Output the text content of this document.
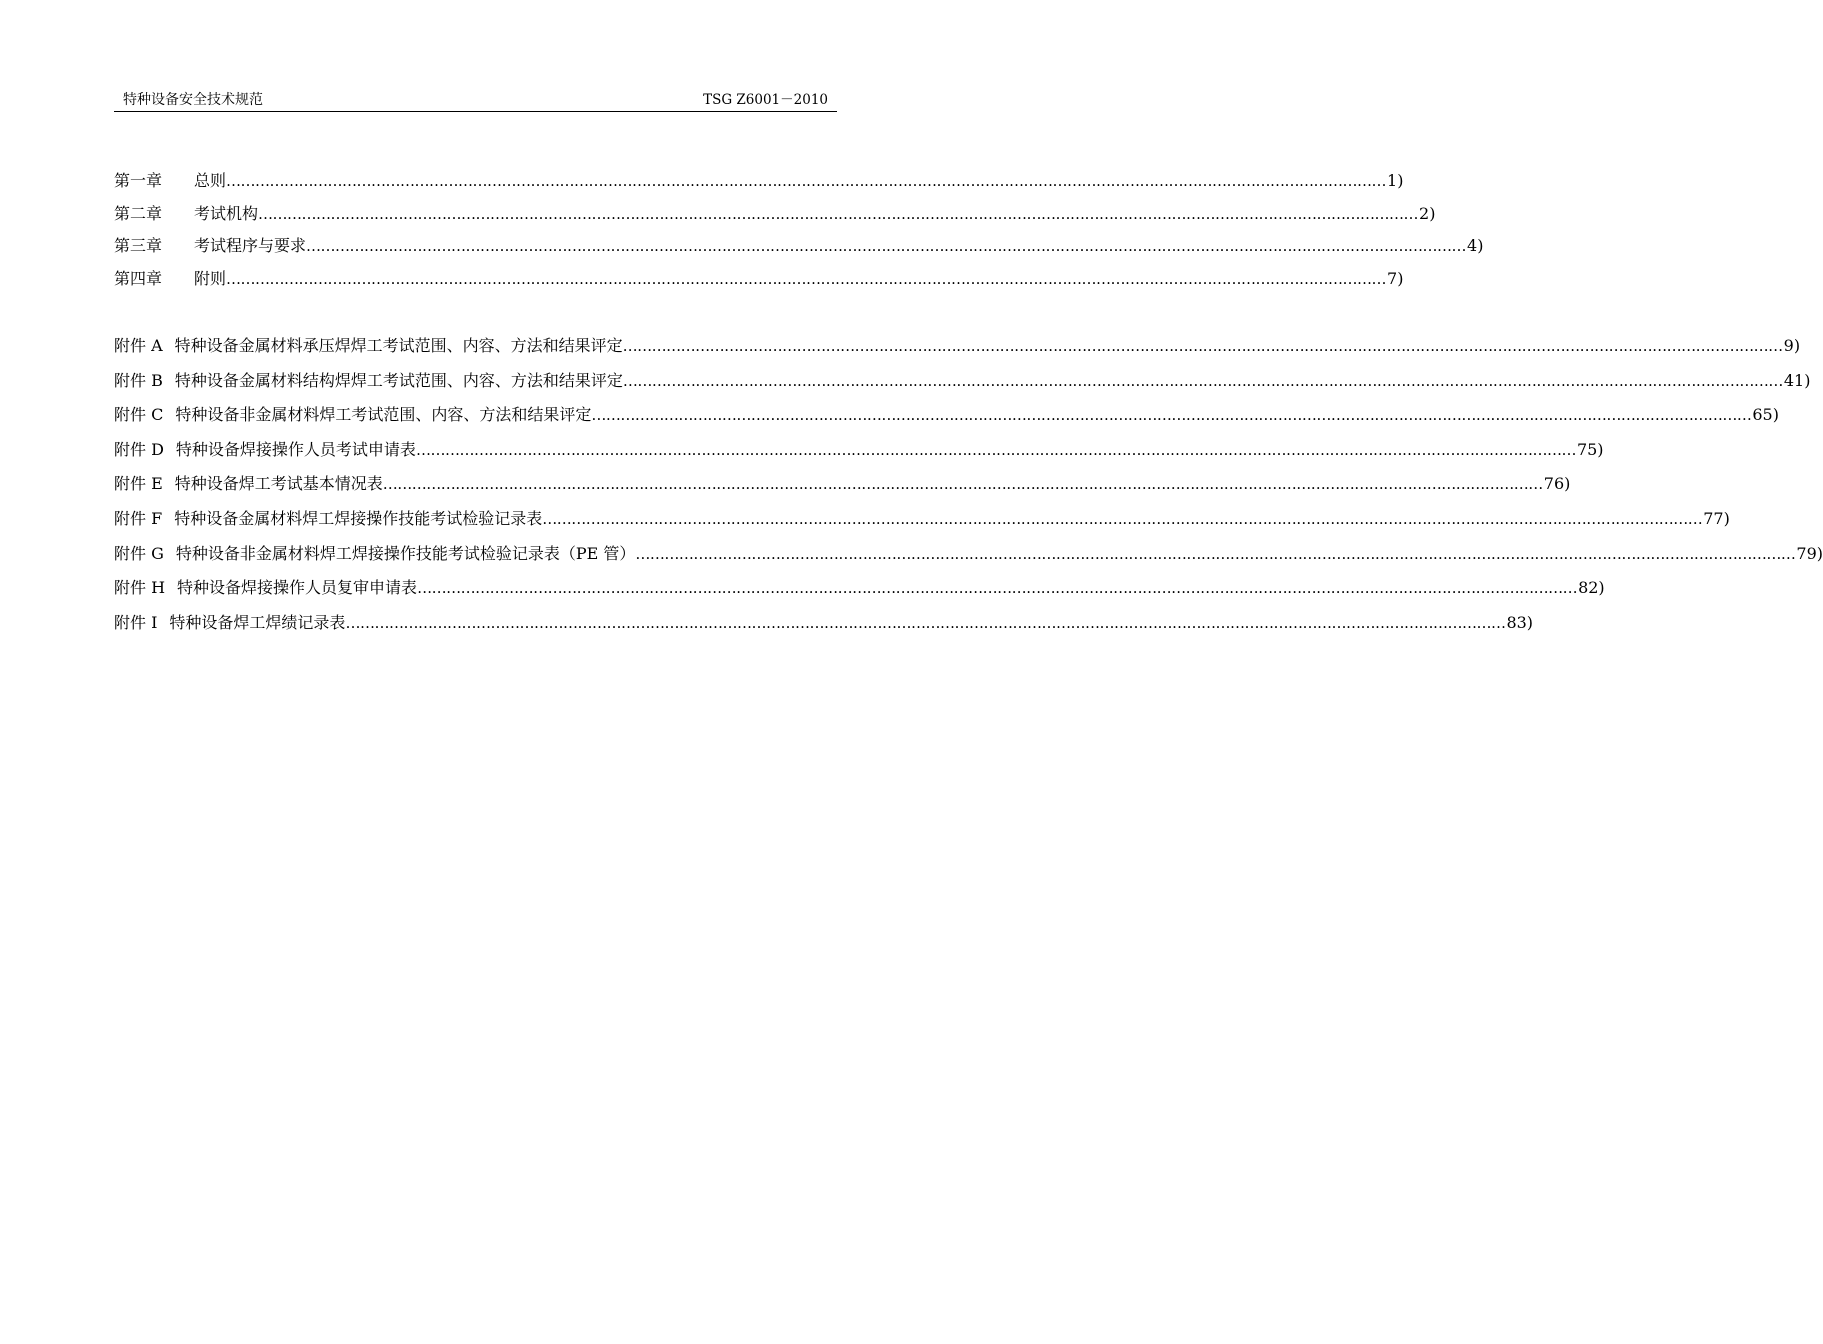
特种设备安全技术规范	TSG Z6001－2010
第一章 总则 …………………………………………………………………………………………………………………………………………………………………………………………………………………… 1)
第二章 考试机构 …………………………………………………………………………………………………………………………………………………………………………………………………………………… 2)
第三章 考试程序与要求 …………………………………………………………………………………………………………………………………………………………………………………………………………………… 4)
第四章 附则 …………………………………………………………………………………………………………………………………………………………………………………………………………………… 7)
附件 A 特种设备金属材料承压焊焊工考试范围、内容、方法和结果评定 …………………………………………………………………………………………………………………………………………………………………………………………………………………… 9)
附件 B 特种设备金属材料结构焊焊工考试范围、内容、方法和结果评定 …………………………………………………………………………………………………………………………………………………………………………………………………………………… 41)
附件 C 特种设备非金属材料焊工考试范围、内容、方法和结果评定 …………………………………………………………………………………………………………………………………………………………………………………………………………………… 65)
附件 D 特种设备焊接操作人员考试申请表 …………………………………………………………………………………………………………………………………………………………………………………………………………………… 75)
附件 E 特种设备焊工考试基本情况表 …………………………………………………………………………………………………………………………………………………………………………………………………………………… 76)
附件 F 特种设备金属材料焊工焊接操作技能考试检验记录表 …………………………………………………………………………………………………………………………………………………………………………………………………………………… 77)
附件 G 特种设备非金属材料焊工焊接操作技能考试检验记录表（PE 管） …………………………………………………………………………………………………………………………………………………………………………………………………………………… 79)
附件 H 特种设备焊接操作人员复审申请表 …………………………………………………………………………………………………………………………………………………………………………………………………………………… 82)
附件 I 特种设备焊工焊绩记录表 …………………………………………………………………………………………………………………………………………………………………………………………………………………… 83)
